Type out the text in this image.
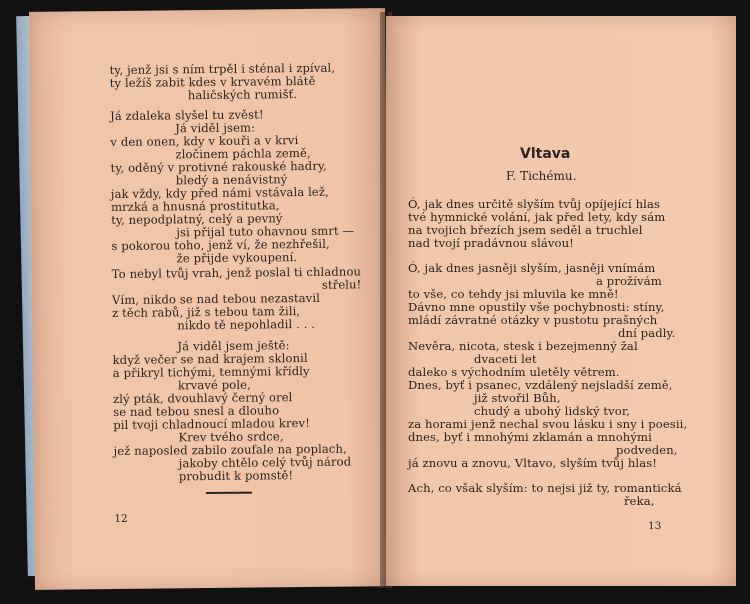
ty, jenž jsi s ním trpěl i sténal i zpíval,
ty ležíš zabit kdes v krvavém blátě
haličských rumišť.
Já zdaleka slyšel tu zvěst!
Já viděl jsem:
v den onen, kdy v kouři a v krvi
zločinem páchla země,
ty, oděný v protivné rakouské hadry,
bledý a nenávistný
jak vždy, kdy před námi vstávala lež,
mrzká a hnusná prostitutka,
ty, nepodplatný, celý a pevný
jsi přijal tuto ohavnou smrt —
s pokorou toho, jenž ví, že nezhřešil,
že přijde vykoupení.
To nebyl tvůj vrah, jenž poslal ti chladnou
střelu!
Vím, nikdo se nad tebou nezastavil
z těch rabů, již s tebou tam žili,
nikdo tě nepohladil . . .
Já viděl jsem ještě:
když večer se nad krajem sklonil
a přikryl tichými, temnými křídly
krvavé pole,
zlý pták, dvouhlavý černý orel
se nad tebou snesl a dlouho
pil tvoji chladnoucí mladou krev!
Krev tvého srdce,
jež naposled zabilo zoufale na poplach,
jakoby chtělo celý tvůj národ
probudit k pomstě!
12
Vltava
F. Tichému.
Ó, jak dnes určitě slyším tvůj opíjející hlas
tvé hymnické volání, jak před lety, kdy sám
na tvojich březích jsem seděl a truchlel
nad tvojí pradávnou slávou!
Ó, jak dnes jasněji slyším, jasněji vnímám
a prožívám
to vše, co tehdy jsi mluvila ke mně!
Dávno mne opustily vše pochybnosti: stíny,
mládí závratné otázky v pustotu prašných
dní padly.
Nevěra, nicota, stesk i bezejmenný žal
dvaceti let
daleko s východním uletěly větrem.
Dnes, byť i psanec, vzdálený nejsladší země,
již stvořil Bůh,
chudý a ubohý lidský tvor,
za horami jenž nechal svou lásku i sny i poesii,
dnes, byť i mnohými zklamán a mnohými
podveden,
já znovu a znovu, Vltavo, slyším tvůj hlas!
Ach, co však slyším: to nejsi již ty, romantická
řeka,
13
